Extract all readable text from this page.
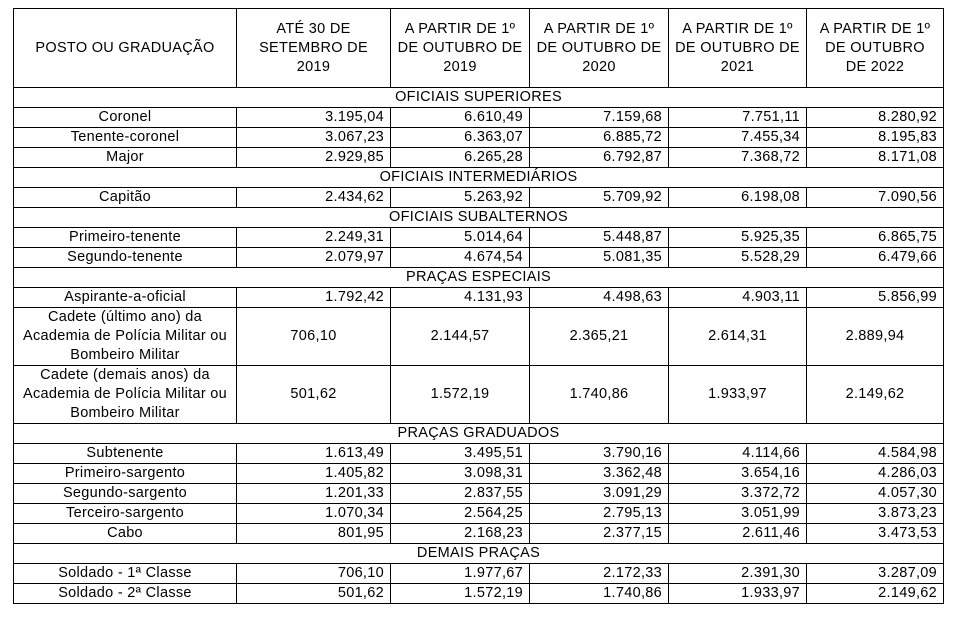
POSTO OU GRADUAÇÃO	ATÉ 30 DE SETEMBRO DE 2019	A PARTIR DE 1º DE OUTUBRO DE 2019	A PARTIR DE 1º DE OUTUBRO DE 2020	A PARTIR DE 1º DE OUTUBRO DE 2021	A PARTIR DE 1º DE OUTUBRO DE 2022
OFICIAIS SUPERIORES					
Coronel	3.195,04	6.610,49	7.159,68	7.751,11	8.280,92
Tenente-coronel	3.067,23	6.363,07	6.885,72	7.455,34	8.195,83
Major	2.929,85	6.265,28	6.792,87	7.368,72	8.171,08
OFICIAIS INTERMEDIÁRIOS					
Capitão	2.434,62	5.263,92	5.709,92	6.198,08	7.090,56
OFICIAIS SUBALTERNOS					
Primeiro-tenente	2.249,31	5.014,64	5.448,87	5.925,35	6.865,75
Segundo-tenente	2.079,97	4.674,54	5.081,35	5.528,29	6.479,66
PRAÇAS ESPECIAIS					
Aspirante-a-oficial	1.792,42	4.131,93	4.498,63	4.903,11	5.856,99
Cadete (último ano) da Academia de Polícia Militar ou Bombeiro Militar	706,10	2.144,57	2.365,21	2.614,31	2.889,94
Cadete (demais anos) da Academia de Polícia Militar ou Bombeiro Militar	501,62	1.572,19	1.740,86	1.933,97	2.149,62
PRAÇAS GRADUADOS					
Subtenente	1.613,49	3.495,51	3.790,16	4.114,66	4.584,98
Primeiro-sargento	1.405,82	3.098,31	3.362,48	3.654,16	4.286,03
Segundo-sargento	1.201,33	2.837,55	3.091,29	3.372,72	4.057,30
Terceiro-sargento	1.070,34	2.564,25	2.795,13	3.051,99	3.873,23
Cabo	801,95	2.168,23	2.377,15	2.611,46	3.473,53
DEMAIS PRAÇAS					
Soldado - 1ª Classe	706,10	1.977,67	2.172,33	2.391,30	3.287,09
Soldado - 2ª Classe	501,62	1.572,19	1.740,86	1.933,97	2.149,62
